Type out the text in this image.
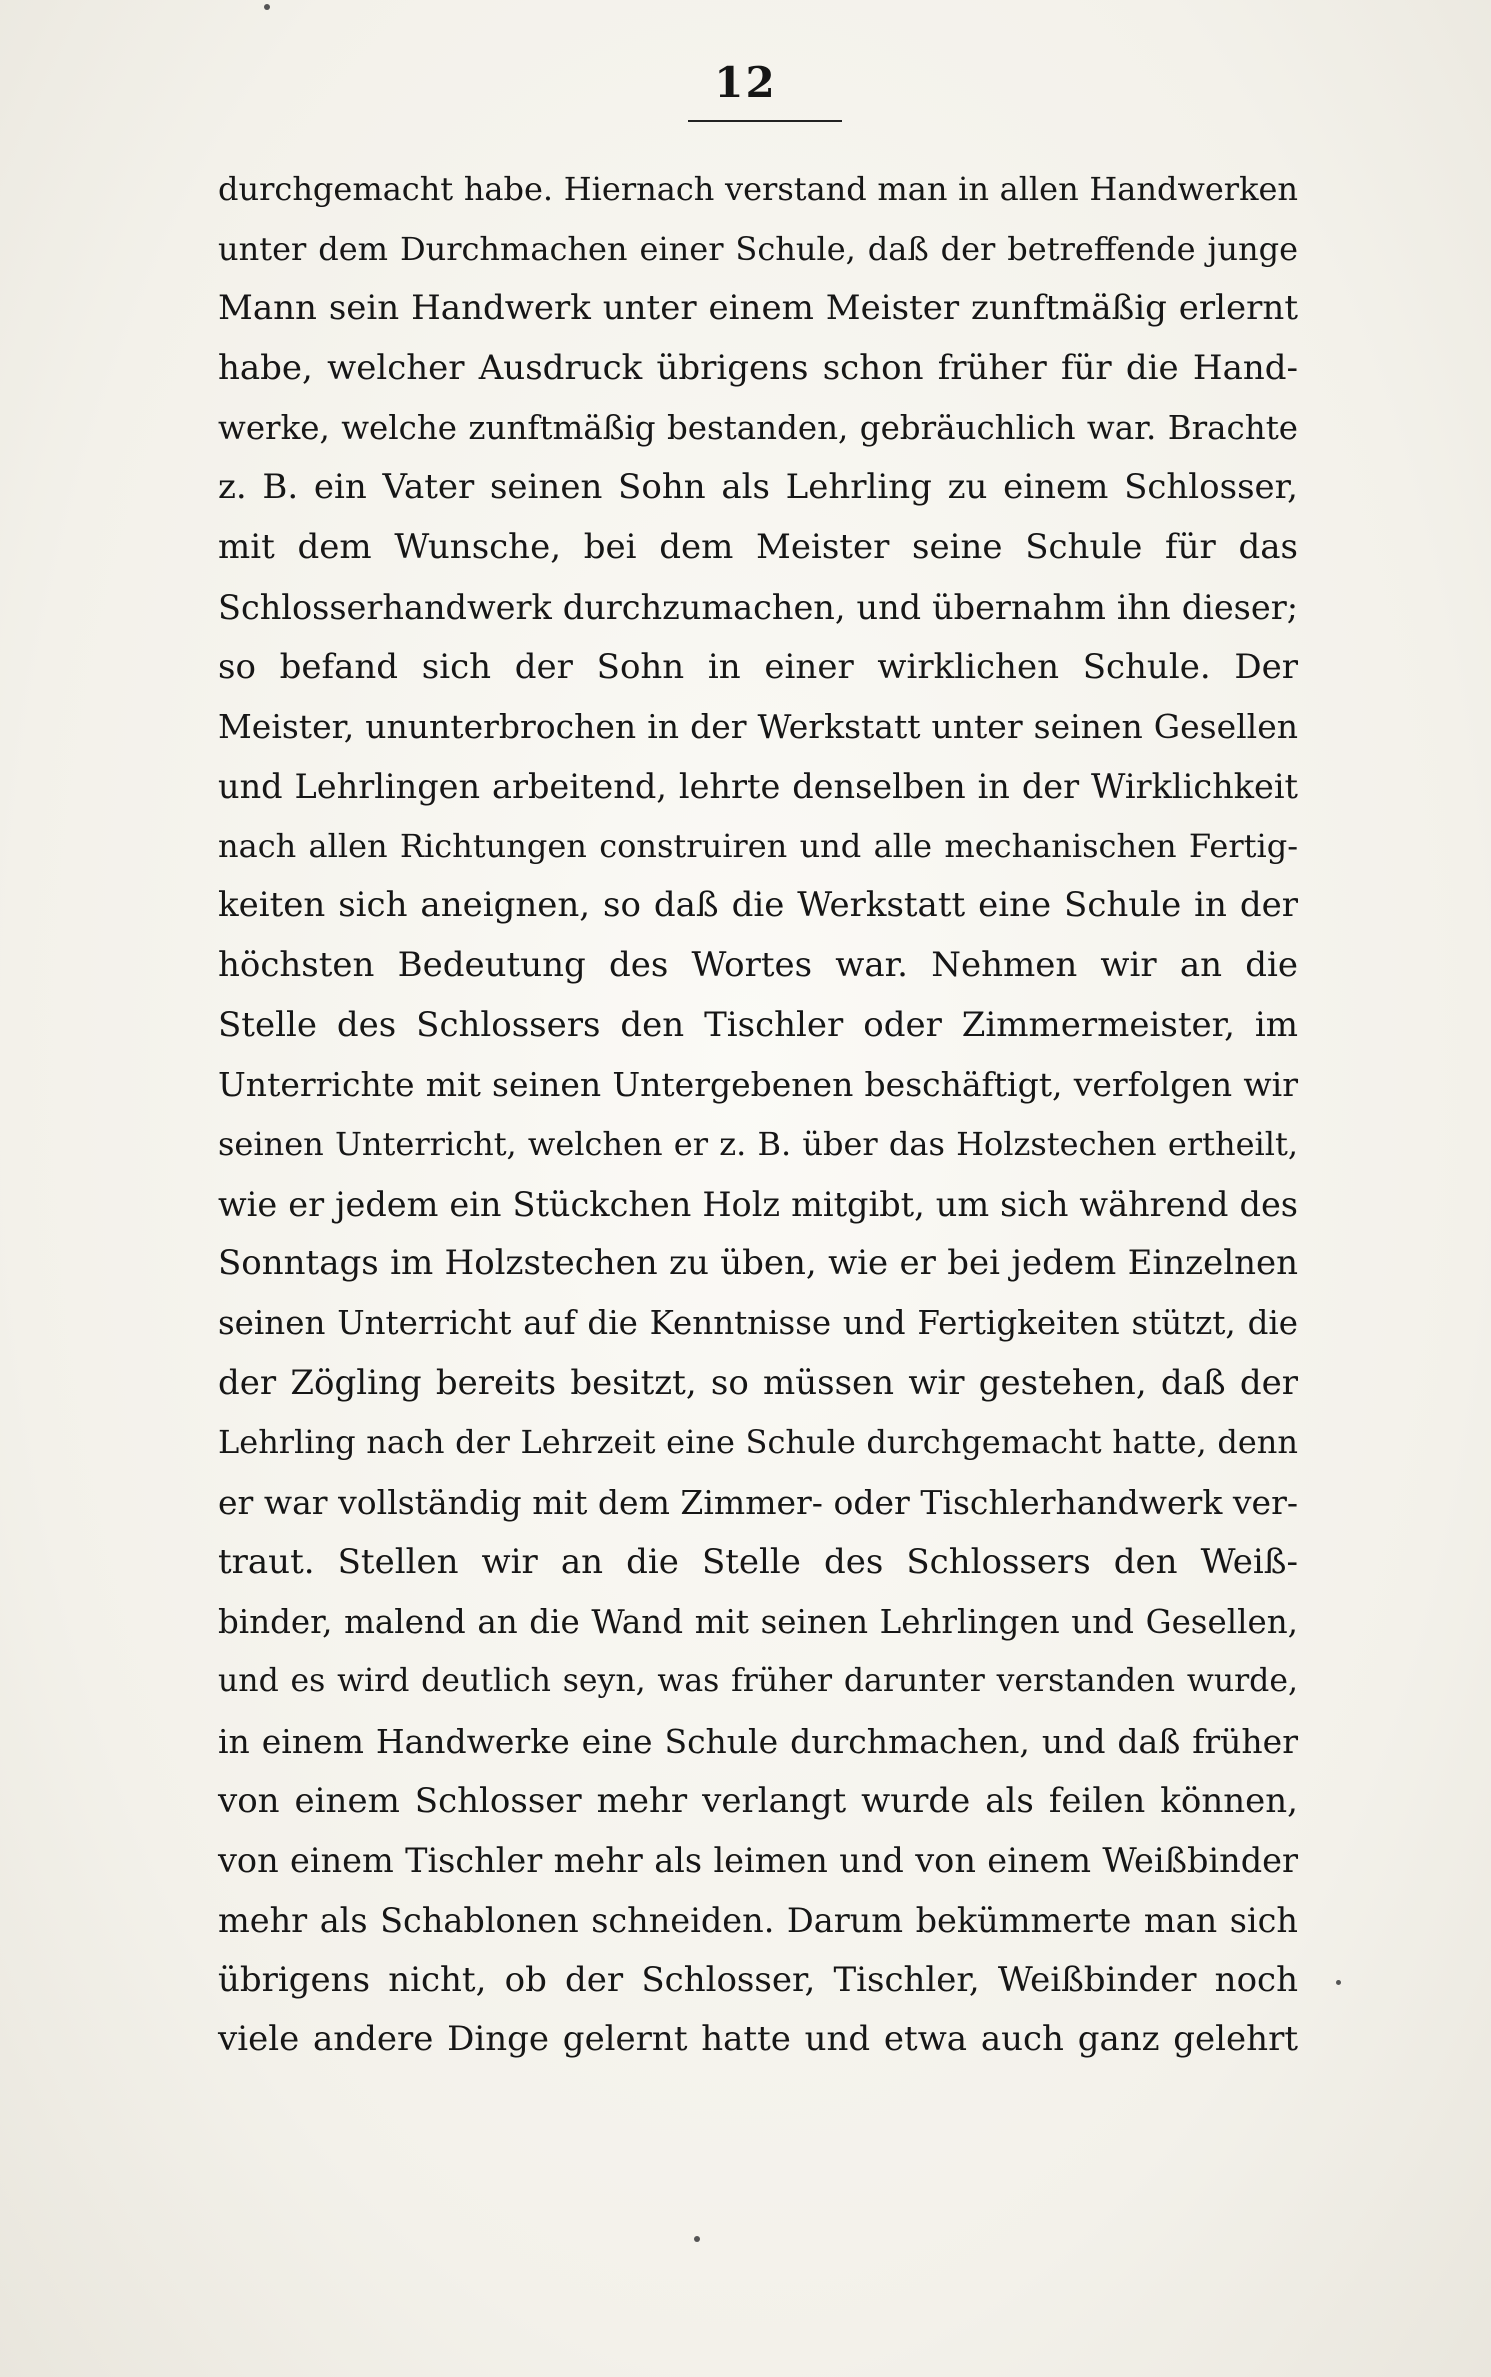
12
durchgemacht habe. Hiernach verstand man in allen Handwerken
unter dem Durchmachen einer Schule, daß der betreffende junge
Mann sein Handwerk unter einem Meister zunftmäßig erlernt
habe, welcher Ausdruck übrigens schon früher für die Hand-
werke, welche zunftmäßig bestanden, gebräuchlich war. Brachte
z. B. ein Vater seinen Sohn als Lehrling zu einem Schlosser,
mit dem Wunsche, bei dem Meister seine Schule für das
Schlosserhandwerk durchzumachen, und übernahm ihn dieser;
so befand sich der Sohn in einer wirklichen Schule. Der
Meister, ununterbrochen in der Werkstatt unter seinen Gesellen
und Lehrlingen arbeitend, lehrte denselben in der Wirklichkeit
nach allen Richtungen construiren und alle mechanischen Fertig-
keiten sich aneignen, so daß die Werkstatt eine Schule in der
höchsten Bedeutung des Wortes war. Nehmen wir an die
Stelle des Schlossers den Tischler oder Zimmermeister, im
Unterrichte mit seinen Untergebenen beschäftigt, verfolgen wir
seinen Unterricht, welchen er z. B. über das Holzstechen ertheilt,
wie er jedem ein Stückchen Holz mitgibt, um sich während des
Sonntags im Holzstechen zu üben, wie er bei jedem Einzelnen
seinen Unterricht auf die Kenntnisse und Fertigkeiten stützt, die
der Zögling bereits besitzt, so müssen wir gestehen, daß der
Lehrling nach der Lehrzeit eine Schule durchgemacht hatte, denn
er war vollständig mit dem Zimmer- oder Tischlerhandwerk ver-
traut. Stellen wir an die Stelle des Schlossers den Weiß-
binder, malend an die Wand mit seinen Lehrlingen und Gesellen,
und es wird deutlich seyn, was früher darunter verstanden wurde,
in einem Handwerke eine Schule durchmachen, und daß früher
von einem Schlosser mehr verlangt wurde als feilen können,
von einem Tischler mehr als leimen und von einem Weißbinder
mehr als Schablonen schneiden. Darum bekümmerte man sich
übrigens nicht, ob der Schlosser, Tischler, Weißbinder noch
viele andere Dinge gelernt hatte und etwa auch ganz gelehrt
